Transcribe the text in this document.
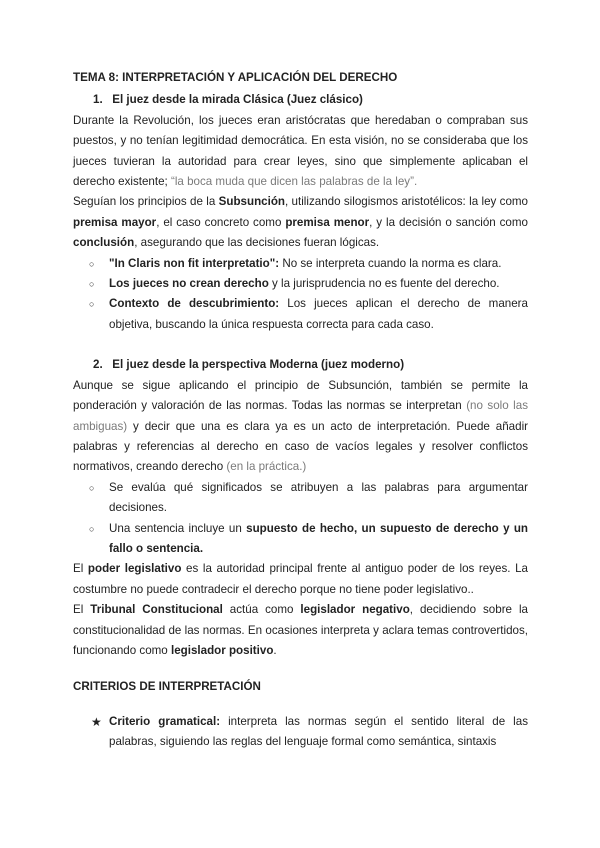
TEMA 8: INTERPRETACIÓN Y APLICACIÓN DEL DERECHO
1. El juez desde la mirada Clásica (Juez clásico)

Durante la Revolución, los jueces eran aristócratas que heredaban o compraban sus puestos, y no tenían legitimidad democrática. En esta visión, no se consideraba que los jueces tuvieran la autoridad para crear leyes, sino que simplemente aplicaban el derecho existente; “la boca muda que dicen las palabras de la ley”.

Seguían los principios de la Subsunción, utilizando silogismos aristotélicos: la ley como premisa mayor, el caso concreto como premisa menor, y la decisión o sanción como conclusión, asegurando que las decisiones fueran lógicas.

○ "In Claris non fit interpretatio": No se interpreta cuando la norma es clara.
○ Los jueces no crean derecho y la jurisprudencia no es fuente del derecho.
○ Contexto de descubrimiento: Los jueces aplican el derecho de manera objetiva, buscando la única respuesta correcta para cada caso.
2. El juez desde la perspectiva Moderna (juez moderno)

Aunque se sigue aplicando el principio de Subsunción, también se permite la ponderación y valoración de las normas. Todas las normas se interpretan (no solo las ambiguas) y decir que una es clara ya es un acto de interpretación. Puede añadir palabras y referencias al derecho en caso de vacíos legales y resolver conflictos normativos, creando derecho (en la práctica.)

○ Se evalúa qué significados se atribuyen a las palabras para argumentar decisiones.
○ Una sentencia incluye un supuesto de hecho, un supuesto de derecho y un fallo o sentencia.

El poder legislativo es la autoridad principal frente al antiguo poder de los reyes. La costumbre no puede contradecir el derecho porque no tiene poder legislativo..

El Tribunal Constitucional actúa como legislador negativo, decidiendo sobre la constitucionalidad de las normas. En ocasiones interpreta y aclara temas controvertidos, funcionando como legislador positivo.

CRITERIOS DE INTERPRETACIÓN
★ Criterio gramatical: interpreta las normas según el sentido literal de las palabras, siguiendo las reglas del lenguaje formal como semántica, sintaxis
